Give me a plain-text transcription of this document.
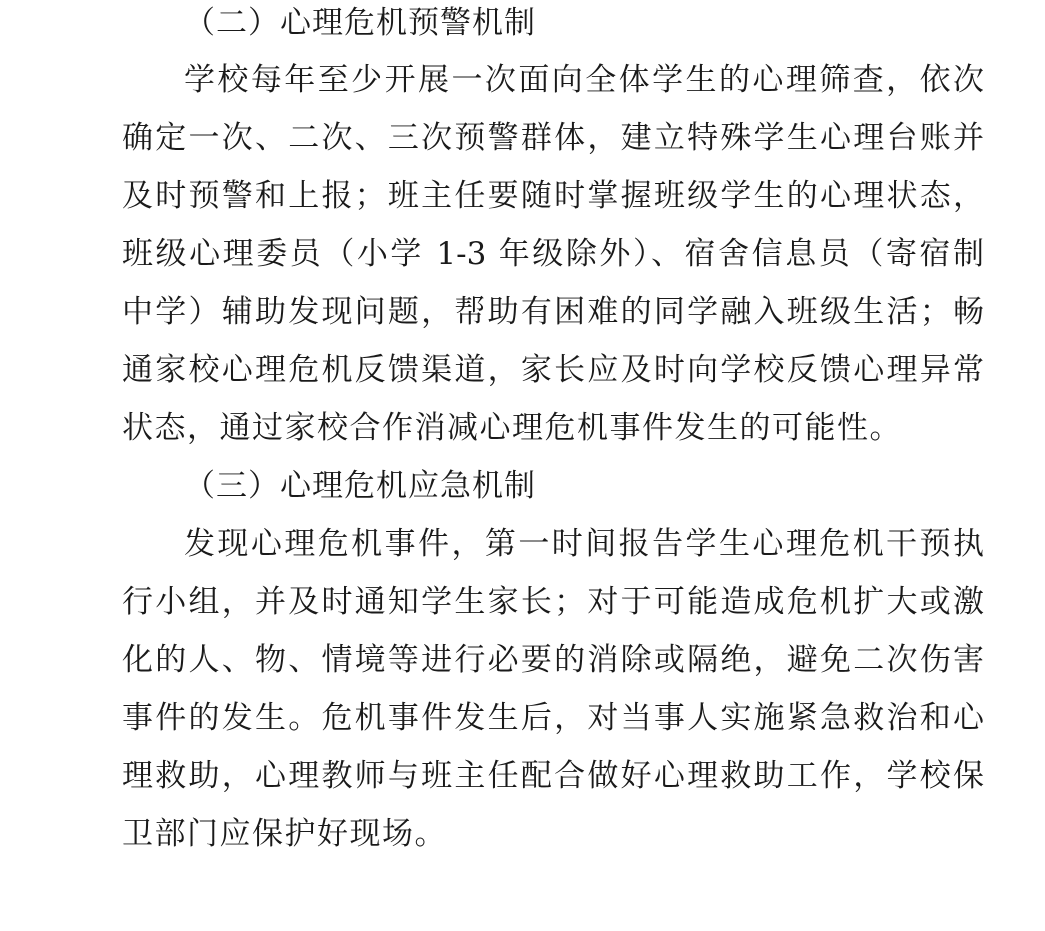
（二）心理危机预警机制
学校每年至少开展一次面向全体学生的心理筛查，依次
确定一次、二次、三次预警群体，建立特殊学生心理台账并
及时预警和上报；班主任要随时掌握班级学生的心理状态，
班级心理委员（小学 1-3 年级除外）、宿舍信息员（寄宿制
中学）辅助发现问题，帮助有困难的同学融入班级生活；畅
通家校心理危机反馈渠道，家长应及时向学校反馈心理异常
状态，通过家校合作消减心理危机事件发生的可能性。
（三）心理危机应急机制
发现心理危机事件，第一时间报告学生心理危机干预执
行小组，并及时通知学生家长；对于可能造成危机扩大或激
化的人、物、情境等进行必要的消除或隔绝，避免二次伤害
事件的发生。危机事件发生后，对当事人实施紧急救治和心
理救助，心理教师与班主任配合做好心理救助工作，学校保
卫部门应保护好现场。
